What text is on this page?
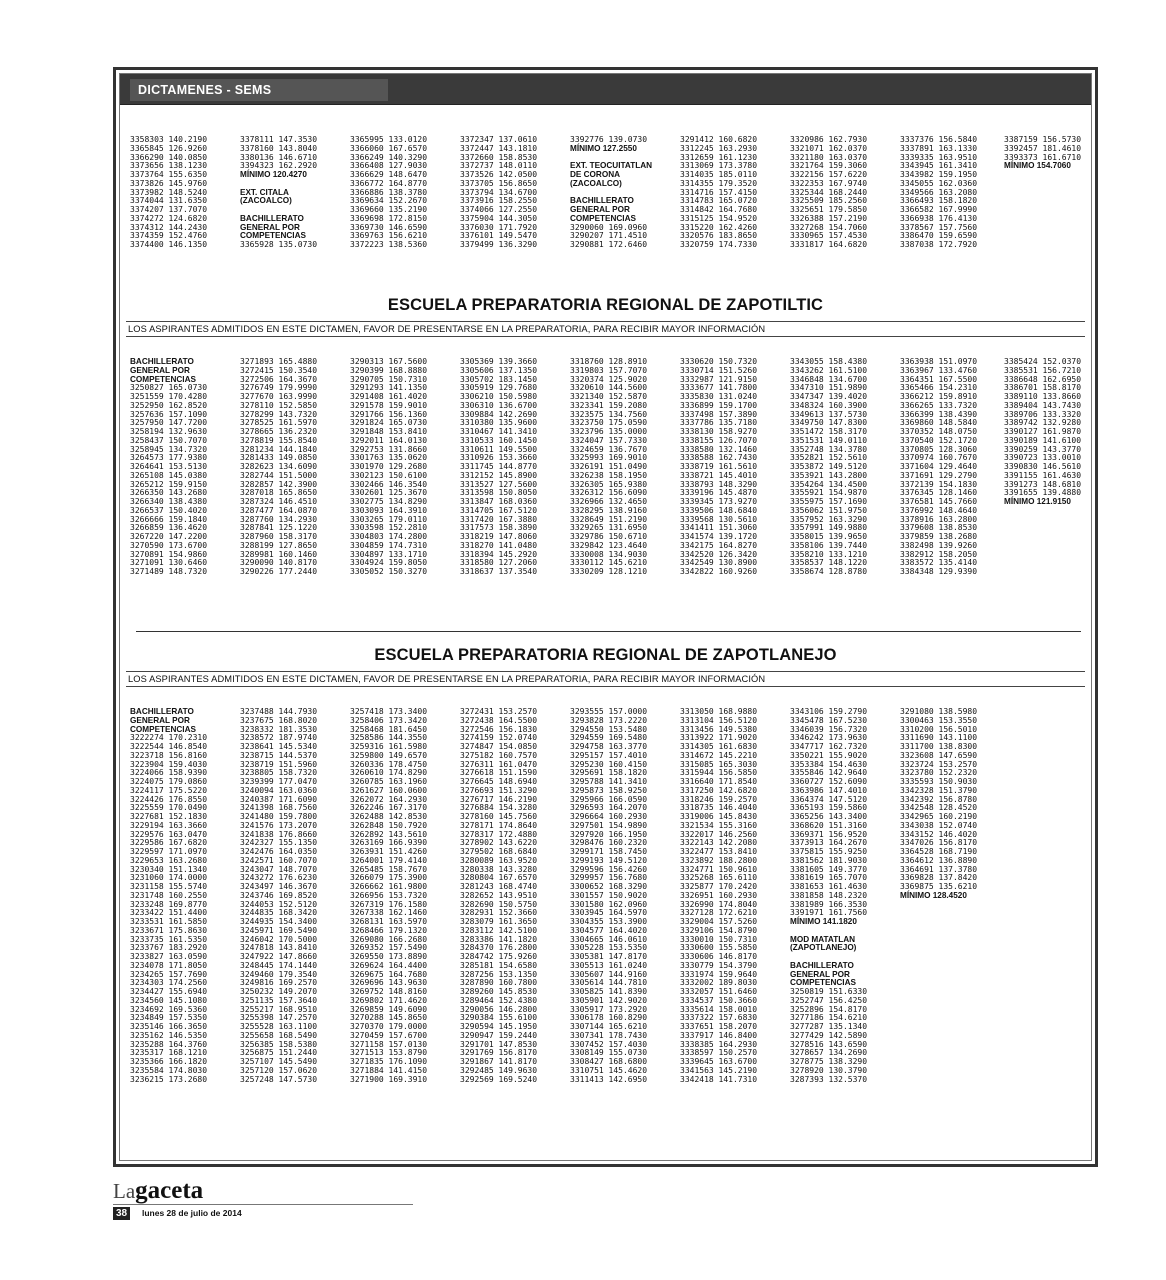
DICTAMENES - SEMS
3358303 140.2190
3365845 126.9260
3366290 140.0850
3373656 138.1230
3373764 155.6350
3373826 145.9760
3373982 148.5240
3374044 131.6350
3374207 137.7070
3374272 124.6820
3374312 144.2430
3374359 152.4760
3374400 146.1350
3378111 147.3530
3378160 143.8040
3380136 146.6710
3394323 162.2920
MÍNIMO 120.4270

EXT. CITALA
(ZACOALCO)

BACHILLERATO
GENERAL POR
COMPETENCIAS
3365928 135.0730
3365995 133.0120
3366060 167.6570
3366249 140.3290
3366408 127.9030
3366629 148.6470
3366772 164.8770
3366886 138.3780
3369634 152.2670
3369660 135.2190
3369698 172.8150
3369730 146.6590
3369763 156.6210
3372223 138.5360
3372347 137.0610
3372447 143.1810
3372660 158.8530
3372737 148.0110
3373526 142.0500
3373705 156.8650
3373794 134.6700
3373916 158.2550
3374066 127.2550
3375904 144.3050
3376030 171.7920
3376101 149.5470
3379499 136.3290
3392776 139.0730
MÍNIMO 127.2550

EXT. TEOCUITATLAN
DE CORONA
(ZACOALCO)

BACHILLERATO
GENERAL POR
COMPETENCIAS
3290060 169.0960
3290207 171.4510
3290881 172.6460
3291412 160.6820
3312245 163.2930
3312659 161.1230
3313069 173.3780
3314035 185.0110
3314355 179.3520
3314716 157.4150
3314783 165.0720
3314842 164.7680
3315125 154.9520
3315220 162.4260
3320576 183.8650
3320759 174.7330
3320986 162.7930
3321071 162.0370
3321180 163.0370
3321764 159.3060
3322156 157.6220
3322353 167.9740
3325344 168.2440
3325509 185.2560
3325651 179.5850
3326388 157.2190
3327268 154.7060
3330965 157.4530
3331817 164.6820
3337376 156.5840
3337891 163.1330
3339335 163.9510
3343945 161.3410
3343982 159.1950
3345055 162.0360
3349566 163.2080
3366493 158.1820
3366582 167.9990
3366938 176.4130
3378567 157.7560
3386470 159.6590
3387038 172.7920
3387159 156.5730
3392457 181.4610
3393373 161.6710
MÍNIMO 154.7060
ESCUELA PREPARATORIA REGIONAL DE ZAPOTILTIC
LOS ASPIRANTES ADMITIDOS EN ESTE DICTAMEN, FAVOR DE PRESENTARSE EN LA PREPARATORIA, PARA RECIBIR MAYOR INFORMACIÓN
BACHILLERATO
GENERAL POR
COMPETENCIAS
3250827 165.0730
3251559 170.4280
3252950 162.8520
3257636 157.1090
3257950 147.7200
3258194 132.9630
3258437 150.7070
3258945 134.7320
3264573 177.9380
3264641 153.5130
3265108 145.0380
3265212 159.9150
3266350 143.2680
3266340 138.4380
3266537 150.4020
3266666 159.1840
3266859 136.4620
3267220 147.2200
3270590 173.6700
3270891 154.9860
3271091 130.6460
3271489 148.7320
3271893 165.4880
3272415 150.3540
3272506 164.3670
3276749 179.9990
3277670 163.9990
3278110 152.5850
3278299 143.7320
3278525 161.5970
3278665 136.2320
3278819 155.8540
3281234 144.1840
3281433 149.0850
3282623 134.6090
3282744 151.5000
3282857 142.3900
3287018 165.8650
3287324 146.4510
3287477 164.0870
3287760 134.2930
3287841 125.1220
3287960 158.3170
3288199 127.8650
3289981 160.1460
3290090 140.8170
3290226 177.2440
3290313 167.5600
3290399 168.8880
3290705 150.7310
3291293 141.1350
3291408 161.4020
3291578 159.9010
3291766 156.1360
3291824 165.0730
3291848 153.8410
3292011 164.0130
3292753 131.8660
3301763 135.0620
3301970 129.2680
3302123 150.6100
3302466 146.3540
3302601 125.3670
3302775 134.8290
3303093 164.3910
3303265 179.0110
3303598 152.2810
3304803 174.2800
3304859 174.7310
3304897 133.1710
3304924 159.8050
3305052 150.3270
3305369 139.3660
3305606 137.1350
3305702 183.1450
3305919 129.7680
3306210 150.5980
3306310 136.6700
3309884 142.2690
3310380 135.9600
3310467 141.3410
3310533 160.1450
3310611 149.5500
3310926 153.3660
3311745 144.8770
3312152 145.8900
3313527 127.5600
3313598 150.8050
3313847 168.0360
3314705 167.5120
3317420 167.3880
3317573 158.3890
3318219 147.8060
3318270 141.0480
3318394 145.2920
3318580 127.2060
3318637 137.3540
3318760 128.8910
3319803 157.7070
3320374 125.9020
3320610 144.5600
3321340 152.5870
3323341 159.2080
3323575 134.7560
3323750 175.0590
3323796 135.0000
3324047 157.7330
3324659 136.7670
3325993 169.9010
3326191 151.0490
3326238 158.1950
3326305 165.9380
3326312 156.6090
3326966 132.4650
3328295 138.9160
3328649 151.2190
3329265 131.6950
3329786 150.6710
3329842 123.4640
3330008 134.9030
3330112 145.6210
3330209 128.1210
3330620 150.7320
3330714 151.5260
3332987 121.9150
3333677 141.7800
3335830 131.0240
3336899 159.1700
3337498 157.3890
3337786 135.7180
3338130 158.9270
3338155 126.7070
3338580 132.1460
3338588 162.7430
3338719 161.5610
3338721 145.4010
3338793 148.3290
3339196 145.4870
3339345 173.9270
3339506 148.6840
3339568 130.5610
3341411 151.3060
3341574 139.1720
3342175 164.8270
3342520 126.3420
3342549 130.8900
3342822 160.9260
3343055 158.4380
3343262 161.5100
3346848 134.6700
3347310 151.9890
3347347 139.4020
3348324 160.3900
3349613 137.5730
3349750 147.8300
3351472 158.3170
3351531 149.0110
3352748 134.3780
3352821 152.5610
3353872 149.5120
3353921 143.2800
3354264 134.4500
3355921 154.9870
3355975 157.1690
3356062 151.9750
3357952 163.3290
3357991 149.9880
3358015 139.9650
3358106 139.7440
3358210 133.1210
3358537 148.1220
3358674 128.8780
3363938 151.0970
3363967 133.4760
3364351 167.5500
3365466 154.2310
3366212 159.8910
3366265 133.7320
3366399 138.4390
3369860 148.5840
3370352 148.0750
3370540 152.1720
3370805 128.3060
3370974 160.7670
3371604 129.4640
3371691 129.2790
3372139 154.1830
3376345 128.1460
3376581 145.7660
3376992 148.4640
3378916 163.2800
3379608 138.8530
3379859 138.2680
3382498 139.9260
3382912 158.2050
3383572 135.4140
3384348 129.9390
3385424 152.0370
3385531 156.7210
3386648 162.6950
3386701 158.8170
3389110 133.8660
3389404 143.7430
3389706 133.3320
3389742 132.9280
3390127 161.9870
3390189 141.6100
3390259 143.3770
3390723 133.0010
3390830 146.5610
3391155 161.4630
3391273 148.6810
3391655 139.4880
MÍNIMO 121.9150
ESCUELA PREPARATORIA REGIONAL DE ZAPOTLANEJO
LOS ASPIRANTES ADMITIDOS EN ESTE DICTAMEN, FAVOR DE PRESENTARSE EN LA PREPARATORIA, PARA RECIBIR MAYOR INFORMACIÓN
BACHILLERATO
GENERAL POR
COMPETENCIAS
3222274 170.2310
3222544 146.8540
3223718 156.8160
3223904 159.4030
3224066 158.9390
3224075 179.0860
3224117 175.5220
3224426 176.8550
3225559 170.0490
3227681 152.1830
3229194 163.3660
3229576 163.0470
3229586 167.6820
3229597 171.0970
3229653 163.2680
3230340 151.1340
3231060 174.0000
3231158 155.5740
3231748 160.2550
3233248 169.8770
3233422 151.4400
3233531 161.5850
3233671 175.8630
3233735 161.5350
3233767 183.2920
3233827 163.0590
3234078 171.8050
3234265 157.7690
3234303 174.2560
3234427 155.6940
3234560 145.1080
3234692 169.5360
3234849 157.5350
3235146 166.3650
3235162 146.5350
3235288 164.3760
3235317 168.1210
3235366 166.1820
3235584 174.8030
3236215 173.2680
3237488 144.7930
3237675 168.8020
3238332 181.3530
3238572 187.9740
3238641 145.5340
3238715 144.5370
3238719 151.5960
3238805 158.7320
3239399 177.0470
3240094 163.0360
3240387 171.6090
3241398 168.7560
3241480 159.7800
3241576 173.2070
3241838 176.8660
3242327 155.1350
3242476 164.0350
3242571 160.7070
3243047 148.7070
3243272 176.6230
3243497 146.3670
3243746 169.8520
3244053 152.5120
3244835 168.3420
3244935 154.3400
3245971 169.5490
3246042 170.5000
3247818 143.8410
3247922 147.8660
3248445 174.1440
3249460 179.3540
3249816 169.2570
3250232 149.2070
3251135 157.3640
3255217 168.9510
3255398 147.2570
3255528 163.1100
3255658 168.5490
3256385 158.5380
3256875 151.2440
3257107 145.5490
3257120 157.0620
3257248 147.5730
3257418 173.3400
3258406 173.3420
3258468 181.6450
3258586 144.3550
3259316 161.5980
3259800 149.6570
3260336 178.4750
3260610 174.8290
3260785 163.1960
3261627 160.0600
3262072 164.2930
3262246 167.3170
3262488 142.8530
3262848 150.7920
3262892 143.5610
3263169 166.9390
3263931 151.4260
3264001 179.4140
3265485 158.7670
3266079 175.3900
3266662 161.9800
3266956 153.7320
3267319 176.1580
3267338 162.1460
3268131 163.5970
3268466 179.1320
3269080 166.2680
3269352 157.5490
3269550 173.8890
3269624 164.4400
3269675 164.7680
3269696 143.9630
3269752 148.8160
3269802 171.4620
3269859 149.6090
3270288 145.8650
3270370 179.0000
3270459 157.6700
3271158 157.0130
3271513 153.8790
3271835 176.1090
3271884 141.4150
3271900 169.3910
3272431 153.2570
3272438 164.5500
3272546 156.1830
3274159 152.0740
3274847 154.0850
3275182 160.7570
3276311 161.0470
3276618 151.1590
3276645 148.6940
3276693 151.3290
3276717 146.2190
3276884 154.3280
3278160 145.7560
3278171 174.8640
3278317 172.4880
3278902 143.6220
3279502 168.6840
3280089 163.9520
3280338 143.3280
3280804 167.6570
3281243 168.4740
3282652 143.9510
3282690 150.5750
3282931 152.3660
3283079 161.3650
3283112 142.5100
3283386 141.1820
3284370 176.2800
3284742 175.9260
3285181 154.6580
3287256 153.1350
3287890 160.7800
3289260 145.8530
3289464 152.4380
3290056 146.2800
3290384 155.6100
3290594 145.1950
3290947 159.2440
3291701 147.8530
3291769 156.8170
3291867 141.8170
3292485 149.9630
3292569 169.5240
3293555 157.0000
3293828 173.2220
3294550 153.5480
3294559 169.5480
3294758 163.3770
3295157 157.4010
3295230 160.4150
3295691 158.1820
3295788 141.3410
3295873 158.9250
3295966 166.0590
3296593 164.2070
3296664 160.2930
3297501 154.9890
3297920 166.1950
3298476 160.2320
3299171 158.7450
3299193 149.5120
3299596 156.4260
3299957 156.7680
3300652 168.3290
3301557 150.9020
3301580 162.0960
3303945 164.5970
3304355 153.3900
3304577 164.4020
3304665 146.0610
3305228 153.5350
3305381 147.8170
3305513 161.0240
3305607 144.9160
3305614 144.7810
3305825 141.8390
3305901 142.9020
3305917 173.2920
3306178 160.8290
3307144 165.6210
3307341 178.7430
3307452 157.4030
3308149 155.0730
3308427 168.6800
3310751 145.4620
3311413 142.6950
3313050 168.9880
3313104 156.5120
3313456 149.5380
3313922 171.9020
3314305 161.6830
3314672 145.2210
3315085 165.3030
3315944 156.5850
3316640 171.8540
3317250 142.6820
3318246 159.2570
3318735 146.4040
3319006 145.8430
3321534 155.3160
3322017 146.2560
3322143 142.2080
3322477 153.8410
3323892 188.2800
3324771 150.9610
3325268 165.6110
3325877 170.2420
3326951 160.2930
3326990 174.8040
3327128 172.6210
3329004 157.5260
3329106 154.8790
3330010 150.7310
3330600 155.5850
3330606 146.8170
3330779 154.3790
3331974 159.9640
3332002 189.8030
3332057 151.6460
3334537 150.3660
3335614 158.0010
3337322 157.6830
3337651 158.2070
3337917 146.8400
3338385 164.2930
3338597 150.2570
3339645 163.6700
3341563 145.2190
3342418 141.7310
3343106 159.2790
3345478 167.5230
3346039 156.7320
3346242 173.9630
3347717 162.7320
3350221 155.9020
3353384 154.4630
3355846 142.9640
3360727 152.6090
3363986 147.4010
3364374 147.5120
3365193 159.5860
3365256 143.3400
3368620 151.3160
3369371 156.9520
3373913 164.2670
3375815 155.9250
3381562 181.9030
3381605 149.3770
3381619 165.7070
3381653 161.4630
3381858 148.2320
3381989 166.3530
3391971 161.7560
MÍNIMO 141.1820

MOD MATATLAN
(ZAPOTLANEJO)

BACHILLERATO
GENERAL POR
COMPETENCIAS
3250819 151.6330
3252747 156.4250
3252896 154.8170
3277186 154.6210
3277287 135.1340
3277429 142.5890
3278516 143.6590
3278657 134.2690
3278775 138.3290
3278920 130.3790
3287393 132.5370
3291080 138.5980
3300463 153.3550
3310200 156.5010
3311690 143.1100
3311700 138.8300
3323608 147.6590
3323724 153.2570
3323780 152.2320
3335593 150.9030
3342328 151.3790
3342392 156.8780
3342548 128.4520
3342965 160.2190
3343038 152.0740
3343152 146.4020
3347026 156.8170
3364528 168.7190
3364612 136.8890
3364691 137.3780
3369828 137.8420
3369875 135.6210
MÍNIMO 128.4520
Lagaceta
38	lunes 28 de julio de 2014
